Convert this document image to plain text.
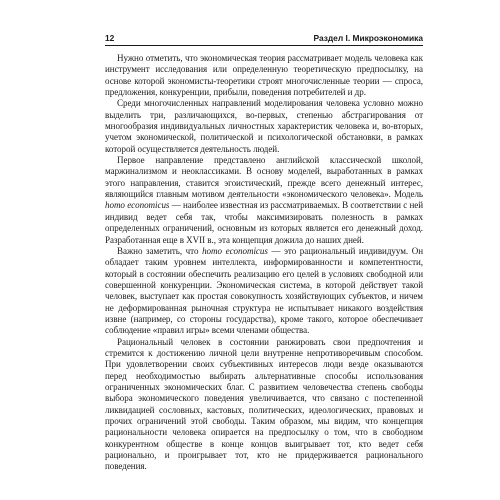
12	Раздел I. Микроэкономика

Нужно отметить, что экономическая теория рассматривает модель человека как инструмент исследования или определенную теоретическую предпосылку, на основе которой экономисты-теоретики строят многочисленные теории — спроса, предложения, конкуренции, прибыли, поведения потребителей и др.

Среди многочисленных направлений моделирования человека условно можно выделить три, различающихся, во-первых, степенью абстрагирования от многообразия индивидуальных личностных характеристик человека и, во-вторых, учетом экономической, политической и психологической обстановки, в рамках которой осуществляется деятельность людей.

Первое направление представлено английской классической школой, маржинализмом и неоклассиками. В основу моделей, выработанных в рамках этого направления, ставится эгоистический, прежде всего денежный интерес, являющийся главным мотивом деятельности «экономического человека». Модель homo economicus — наиболее известная из рассматриваемых. В соответствии с ней индивид ведет себя так, чтобы максимизировать полезность в рамках определенных ограничений, основным из которых является его денежный доход. Разработанная еще в XVII в., эта концепция дожила до наших дней.

Важно заметить, что homo economicus — это рациональный индивидуум. Он обладает таким уровнем интеллекта, информированности и компетентности, который в состоянии обеспечить реализацию его целей в условиях свободной или совершенной конкуренции. Экономическая система, в которой действует такой человек, выступает как простая совокупность хозяйствующих субъектов, и ничем не деформированная рыночная структура не испытывает никакого воздействия извне (например, со стороны государства), кроме такого, которое обеспечивает соблюдение «правил игры» всеми членами общества.

Рациональный человек в состоянии ранжировать свои предпочтения и стремится к достижению личной цели внутренне непротиворечивым способом. При удовлетворении своих субъективных интересов люди везде оказываются перед необходимостью выбирать альтернативные способы использования ограниченных экономических благ. С развитием человечества степень свободы выбора экономического поведения увеличивается, что связано с постепенной ликвидацией сословных, кастовых, политических, идеологических, правовых и прочих ограничений этой свободы. Таким образом, мы видим, что концепция рациональности человека опирается на предпосылку о том, что в свободном конкурентном обществе в конце концов выигрывает тот, кто ведет себя рационально, и проигрывает тот, кто не придерживается рационального поведения.
